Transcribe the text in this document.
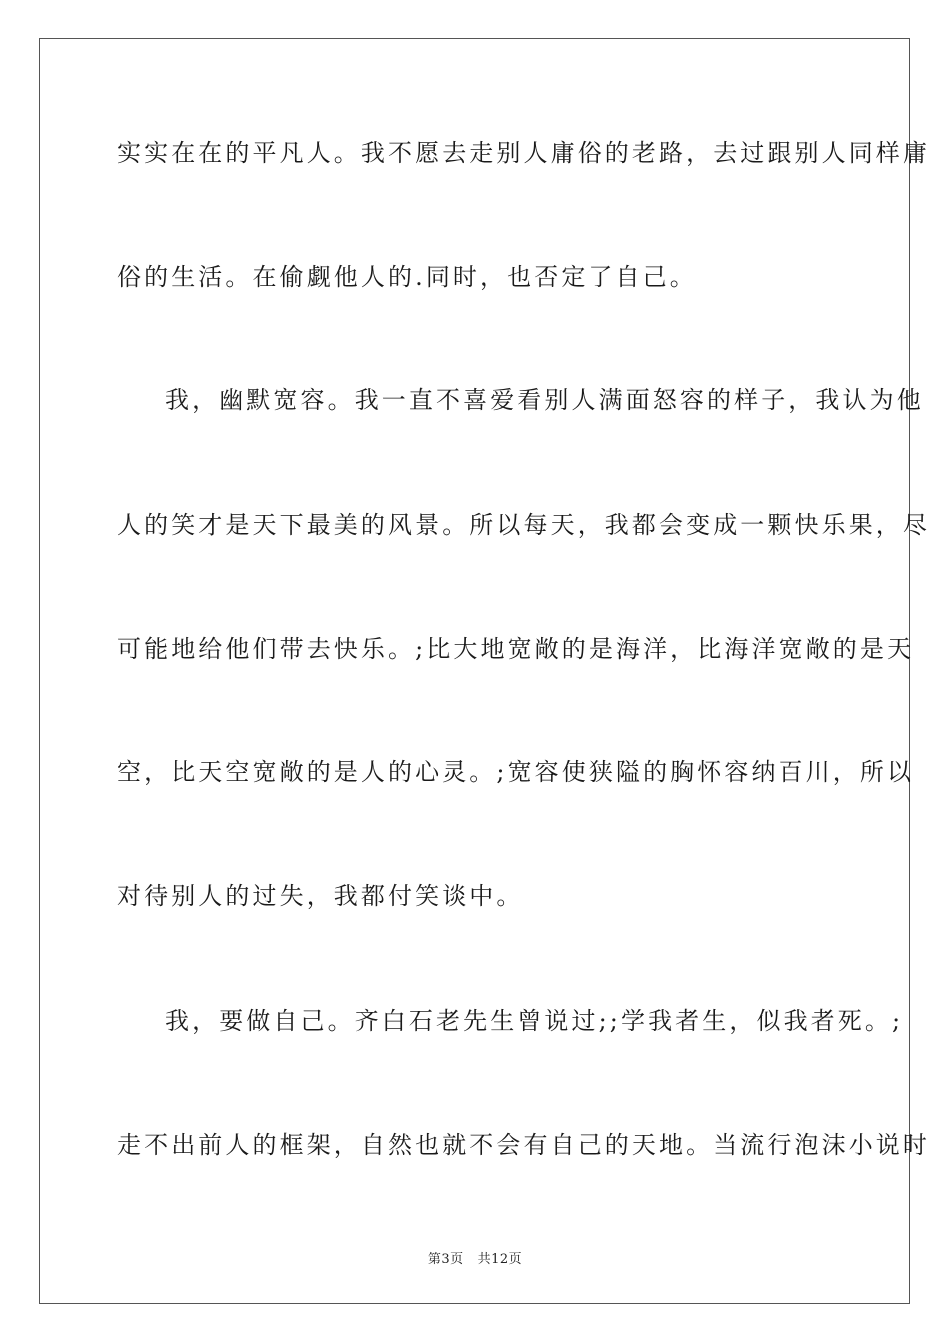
实实在在的平凡人。我不愿去走别人庸俗的老路，去过跟别人同样庸
俗的生活。在偷觑他人的.同时，也否定了自己。
我，幽默宽容。我一直不喜爱看别人满面怒容的样子，我认为他
人的笑才是天下最美的风景。所以每天，我都会变成一颗快乐果，尽
可能地给他们带去快乐。;比大地宽敞的是海洋，比海洋宽敞的是天
空，比天空宽敞的是人的心灵。;宽容使狭隘的胸怀容纳百川，所以
对待别人的过失，我都付笑谈中。
我，要做自己。齐白石老先生曾说过;;学我者生，似我者死。;
走不出前人的框架，自然也就不会有自己的天地。当流行泡沫小说时
第3页 共12页
